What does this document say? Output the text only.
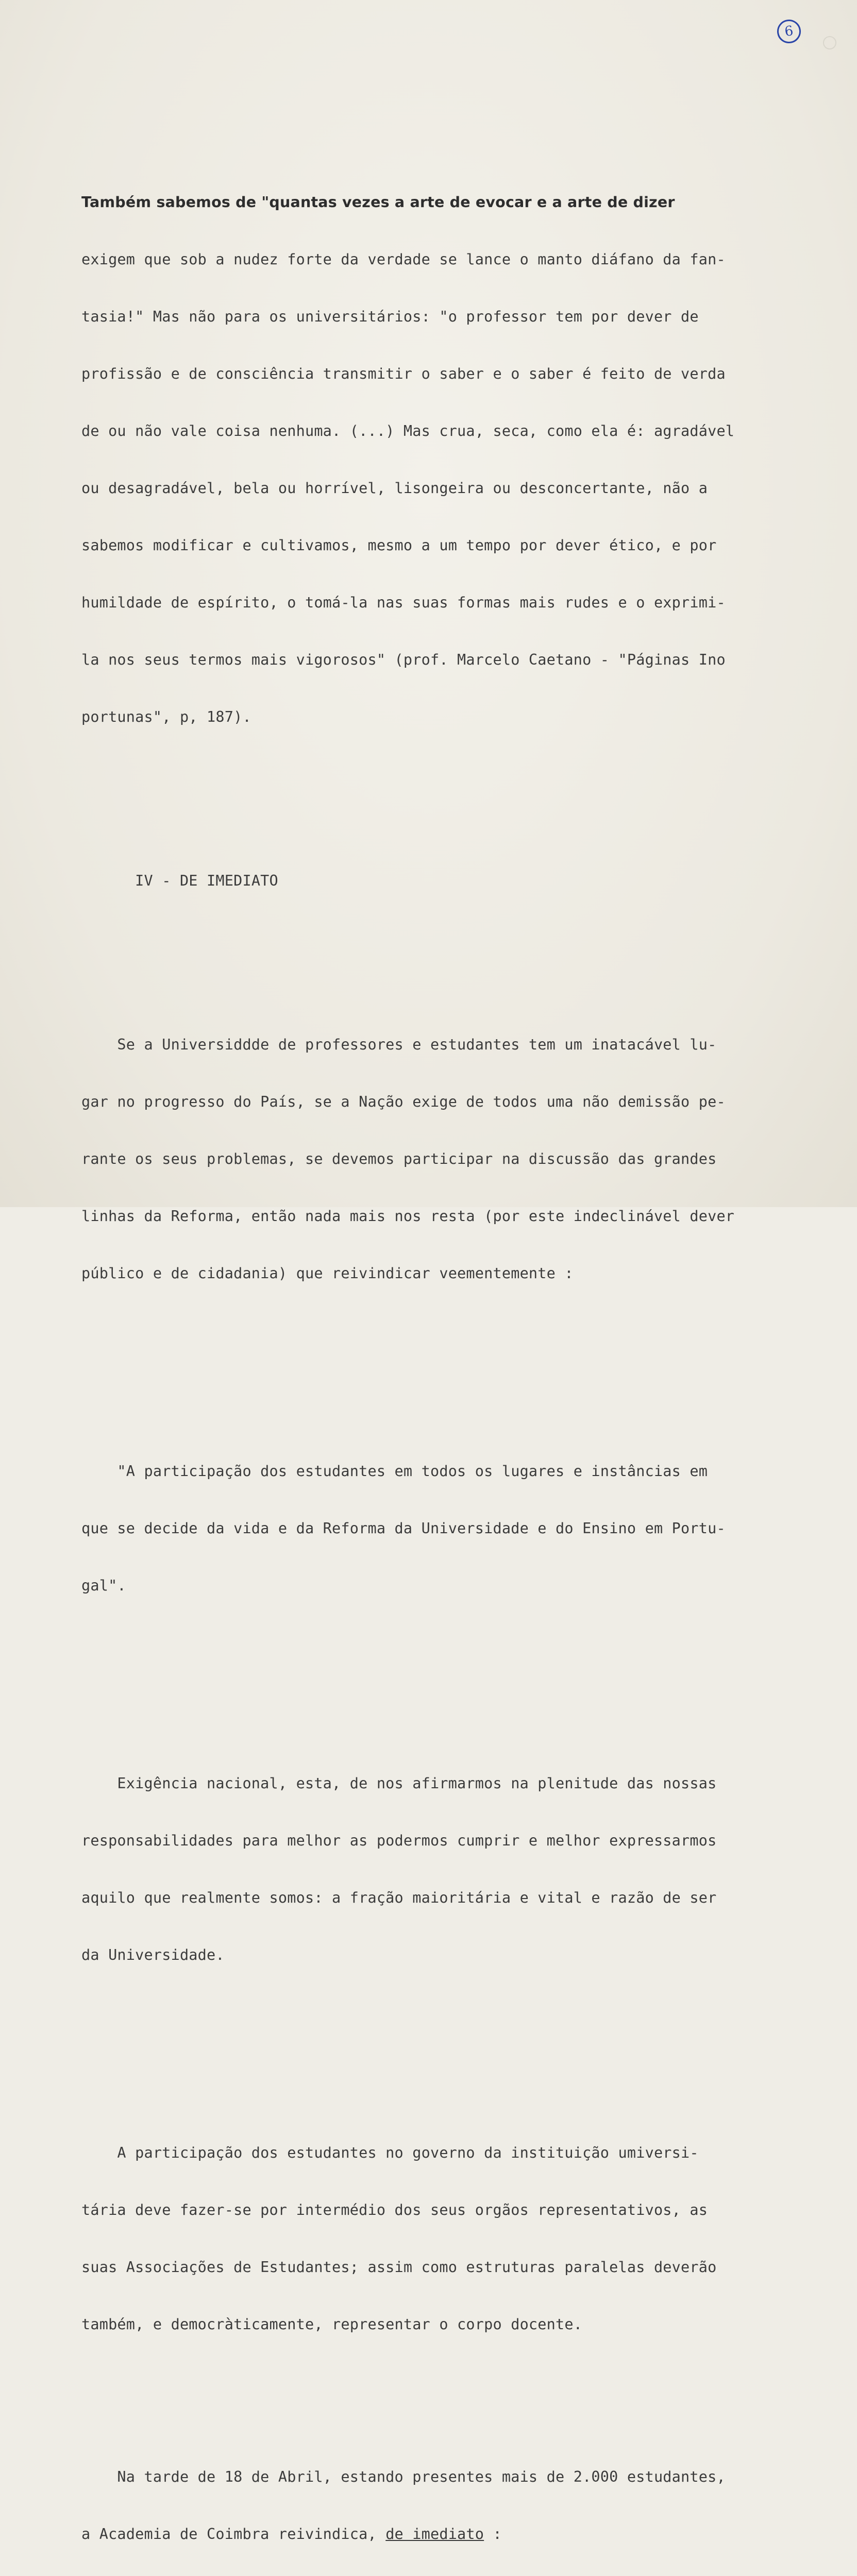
6

Também sabemos de "quantas vezes a arte de evocar e a arte de dizer

exigem que sob a nudez forte da verdade se lance o manto diáfano da fan-

tasia!" Mas não para os universitários: "o professor tem por dever de

profissão e de consciência transmitir o saber e o saber é feito de verda

de ou não vale coisa nenhuma. (...) Mas crua, seca, como ela é: agradável

ou desagradável, bela ou horrível, lisongeira ou desconcertante, não a

sabemos modificar e cultivamos, mesmo a um tempo por dever ético, e por

humildade de espírito, o tomá-la nas suas formas mais rudes e o exprimi-

la nos seus termos mais vigorosos" (prof. Marcelo Caetano - "Páginas Ino

portunas", p, 187).

IV - DE IMEDIATO

Se a Universiddde de professores e estudantes tem um inatacável lu-

gar no progresso do País, se a Nação exige de todos uma não demissão pe-

rante os seus problemas, se devemos participar na discussão das grandes

linhas da Reforma, então nada mais nos resta (por este indeclinável dever

público e de cidadania) que reivindicar veementemente :

"A participação dos estudantes em todos os lugares e instâncias em

que se decide da vida e da Reforma da Universidade e do Ensino em Portu-

gal".

Exigência nacional, esta, de nos afirmarmos na plenitude das nossas

responsabilidades para melhor as podermos cumprir e melhor expressarmos

aquilo que realmente somos: a fração maioritária e vital e razão de ser

da Universidade.

A participação dos estudantes no governo da instituição umiversi-

tária deve fazer-se por intermédio dos seus orgãos representativos, as

suas Associações de Estudantes; assim como estruturas paralelas deverão

também, e democràticamente, representar o corpo docente.

Na tarde de 18 de Abril, estando presentes mais de 2.000 estudantes,

a Academia de Coimbra reivindica, de imediato :
